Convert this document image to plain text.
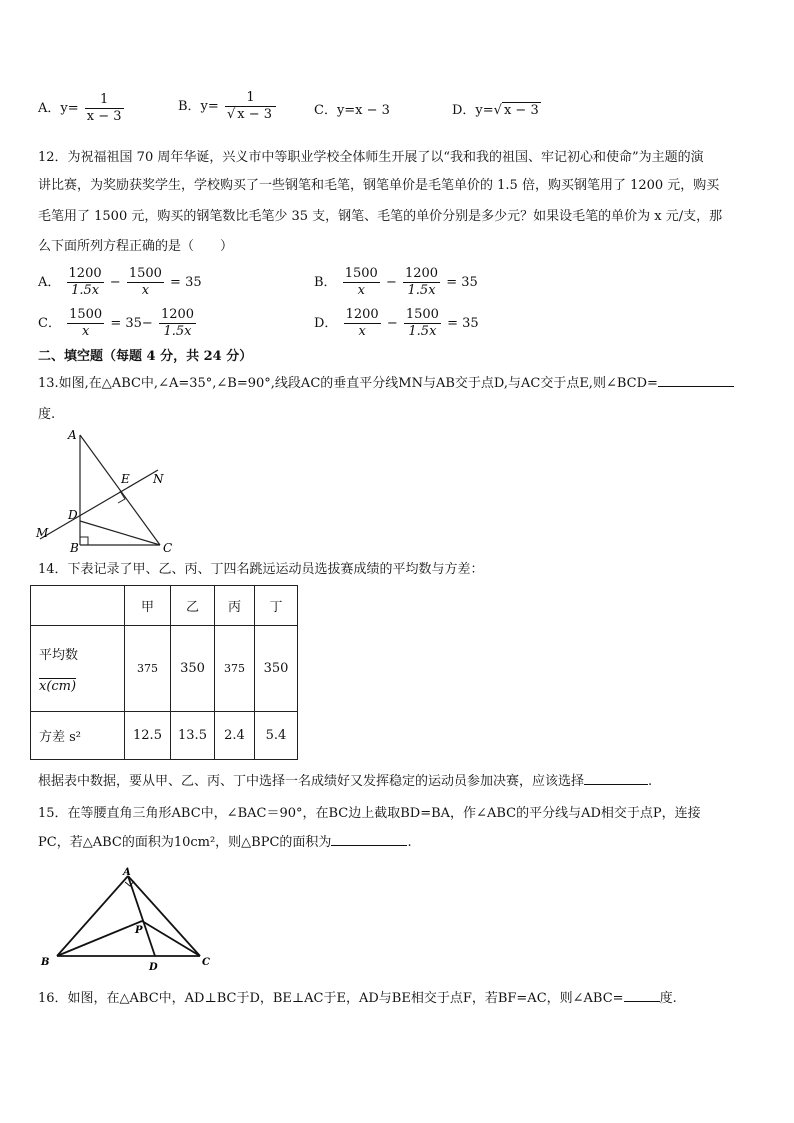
A．$y= \frac{1}{x - 3}$	B．$y= \frac{1}{√ x - 3}$	C．y=x − 3	D．y=√ x − 3
12．为祝福祖国 70 周年华诞，兴义市中等职业学校全体师生开展了以“我和我的祖国、牢记初心和使命”为主题的演
讲比赛，为奖励获奖学生，学校购买了一些钢笔和毛笔，钢笔单价是毛笔单价的 1.5 倍，购买钢笔用了 1200 元，购买
毛笔用了 1500 元，购买的钢笔数比毛笔少 35 支，钢笔、毛笔的单价分别是多少元？如果设毛笔的单价为 x 元/支，那
么下面所列方程正确的是（　　）
A． $\frac{1200}{1.5x} - \frac{1500}{x} = 35$	B． $\frac{1500}{x} - \frac{1200}{1.5x} = 35$
C． $\frac{1500}{x} = 35- \frac{1200}{1.5x}$	D． $\frac{1200}{x} - \frac{1500}{1.5x} = 35$
二、填空题（每题 4 分，共 24 分）
13.如图,在△ABC中,∠A=35°,∠B=90°,线段AC的垂直平分线MN与AB交于点D,与AC交于点E,则∠BCD=
度.
A
B	C
D
E
M
N
14．下表记录了甲、乙、丙、丁四名跳远运动员选拔赛成绩的平均数与方差：
	甲	乙	丙	丁

平均数
x(cm)	375	350	375	350
方差 s²	12.5	13.5	2.4	5.4
根据表中数据，要从甲、乙、丙、丁中选择一名成绩好又发挥稳定的运动员参加决赛，应该选择	.
15．在等腰直角三角形ABC中，∠BAC＝90°，在BC边上截取BD=BA，作∠ABC的平分线与AD相交于点P，连接
PC，若△ABC的面积为10cm²，则△BPC的面积为	.
A
B	C
D
P
16．如图，在△ABC中，AD⊥BC于D，BE⊥AC于E，AD与BE相交于点F，若BF=AC，则∠ABC=	度.
